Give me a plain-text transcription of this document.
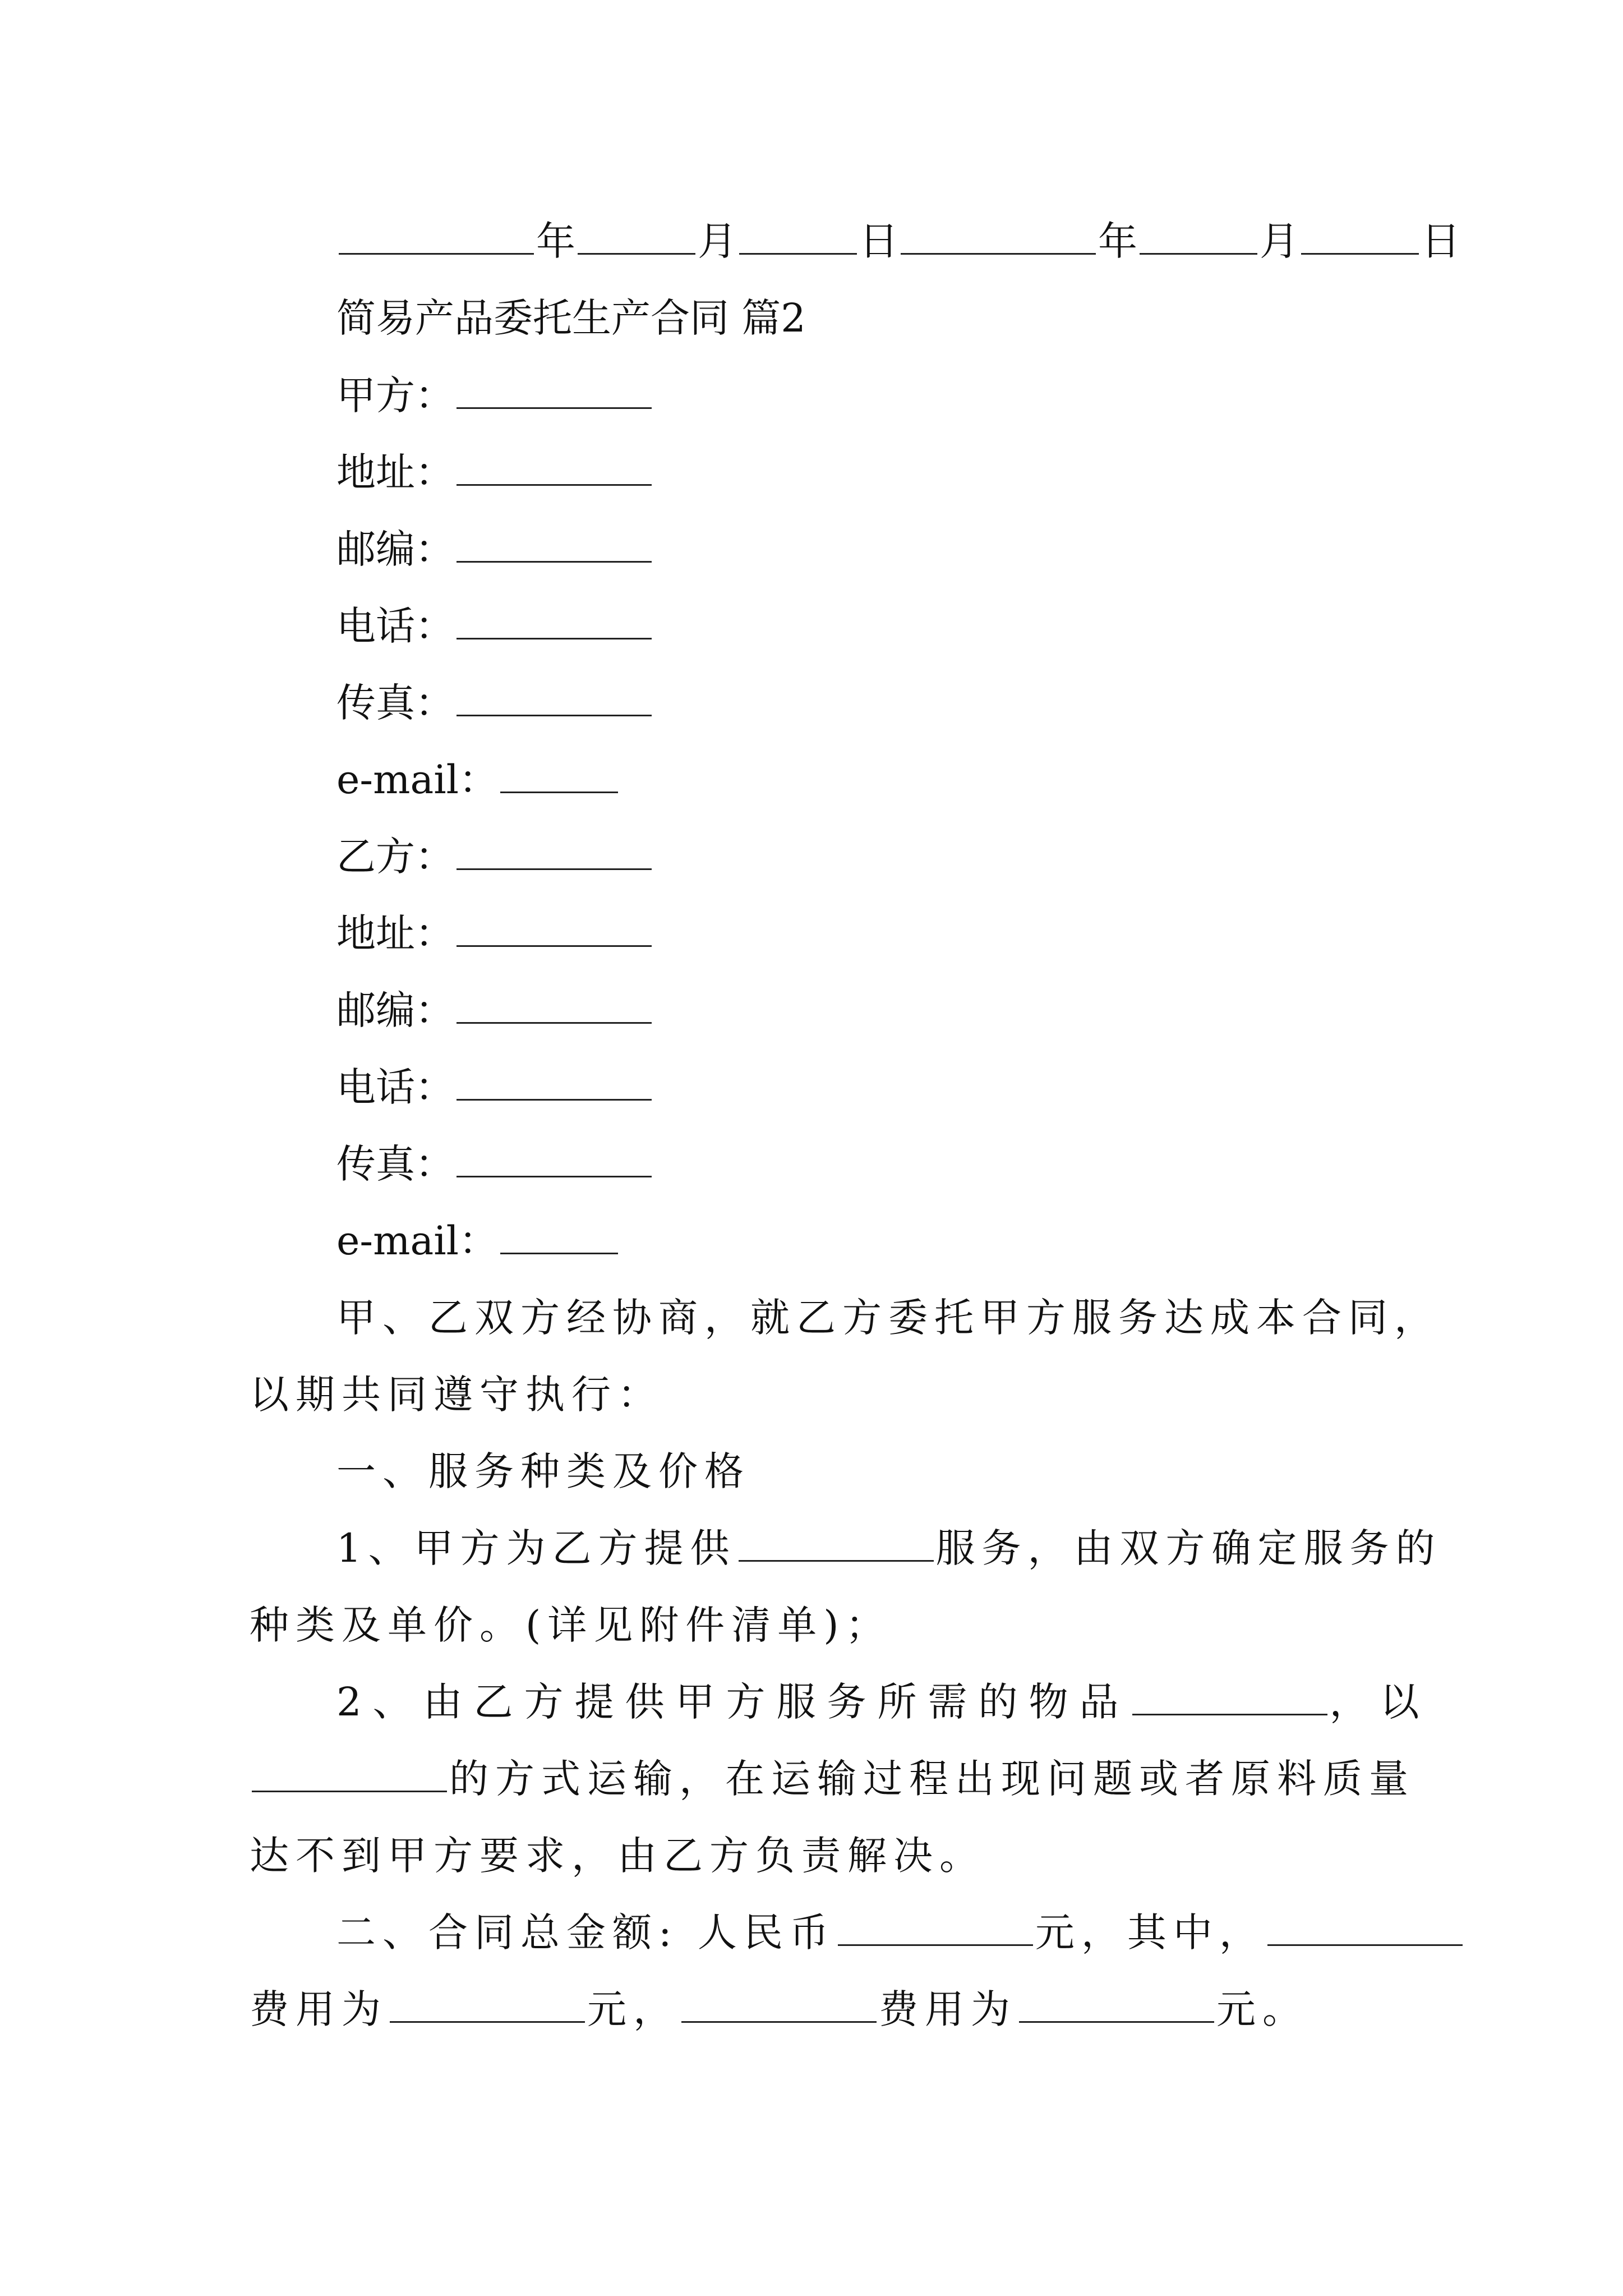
年	月	日	年	月	日
简易产品委托生产合同 篇2
甲方：
地址：
邮编：
电话：
传真：
e-mail：
乙方：
地址：
邮编：
电话：
传真：
e-mail：
甲、乙双方经协商，就乙方委托甲方服务达成本合同，
以期共同遵守执行：
一、服务种类及价格
1、甲方为乙方提供	服务，由双方确定服务的
种类及单价。(详见附件清单)；
2、由乙方提供甲方服务所需的物品	，以
的方式运输，在运输过程出现问题或者原料质量
达不到甲方要求，由乙方负责解决。
二、合同总金额: 人民币	元，其中，
费用为	元，	费用为	元。
